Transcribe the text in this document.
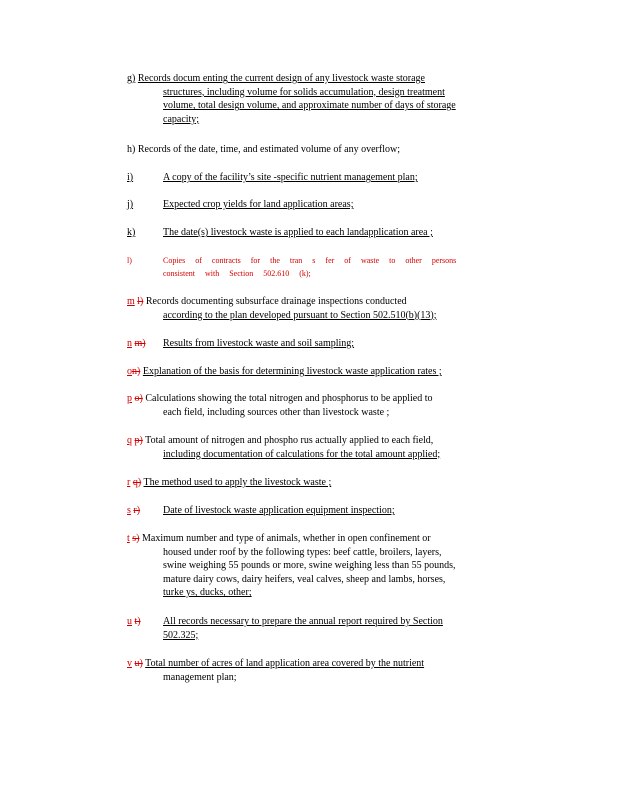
g) Records docum enting the current design of any livestock waste storage
structures, including volume for solids accumulation, design treatment
volume, total design volume, and approximate number of days of storage
capacity;
h) Records of the date, time, and estimated volume of any overflow;
i)	A copy of the facility’s site -specific nutrient management plan;
j)	Expected crop yields for land application areas;
k)	The date(s) livestock waste is applied to each landapplication area ;
l)	Copies of contracts for the tran s fer of waste to other persons
consistent with Section 502.610 (k);
m l) Records documenting subsurface drainage inspections conducted
according to the plan developed pursuant to Section 502.510(b)(13);
n m)	Results from livestock waste and soil sampling;
on) Explanation of the basis for determining livestock waste application rates ;
p o) Calculations showing the total nitrogen and phosphorus to be applied to
each field, including sources other than livestock waste ;
q p) Total amount of nitrogen and phospho rus actually applied to each field,
including documentation of calculations for the total amount applied;
r q) The method used to apply the livestock waste ;
s r)	Date of livestock waste application equipment inspection;
t s) Maximum number and type of animals, whether in open confinement or
housed under roof by the following types: beef cattle, broilers, layers,
swine weighing 55 pounds or more, swine weighing less than 55 pounds,
mature dairy cows, dairy heifers, veal calves, sheep and lambs, horses,
turke ys, ducks, other;
u t)	All records necessary to prepare the annual report required by Section
502.325;
v u) Total number of acres of land application area covered by the nutrient
management plan;
